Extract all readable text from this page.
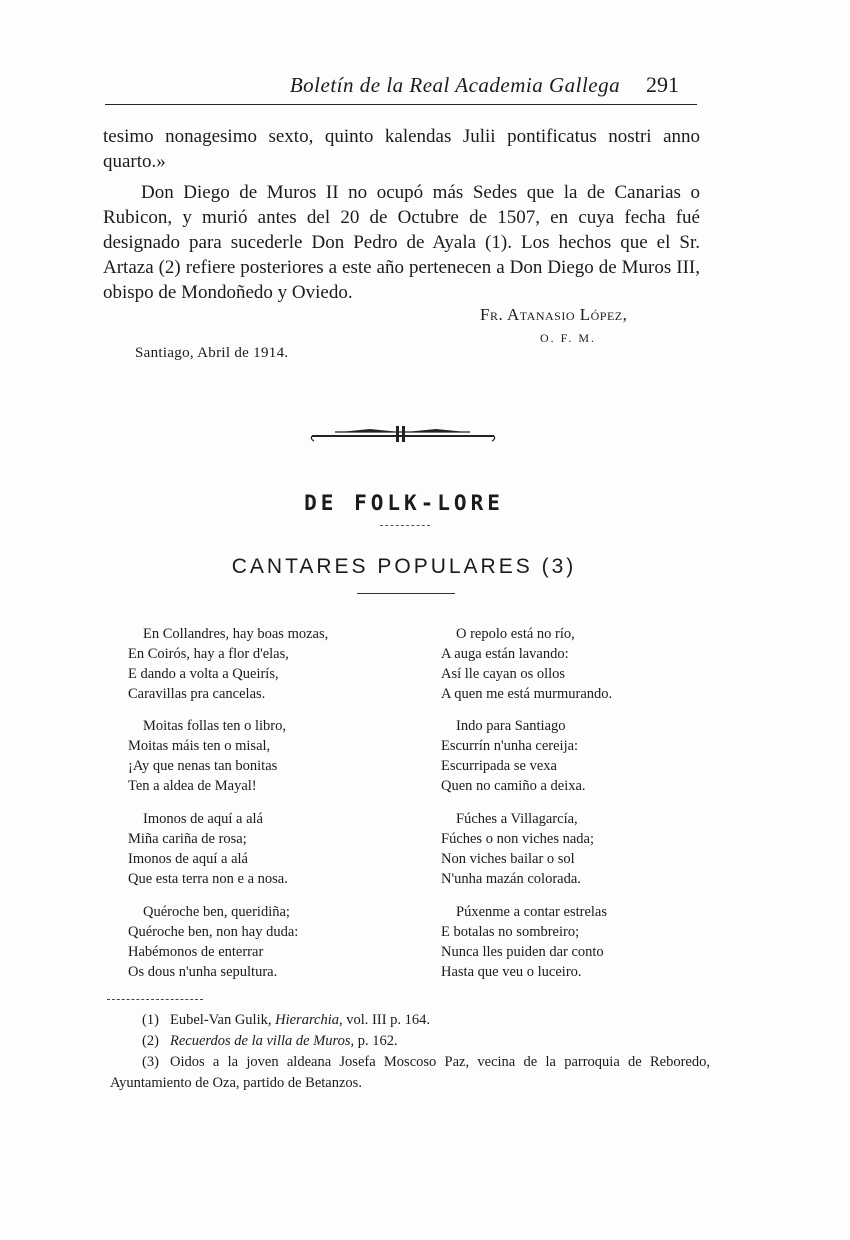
Boletín de la Real Academia Gallega	291
tesimo nonagesimo sexto, quinto kalendas Julii pontificatus nostri anno quarto.»
Don Diego de Muros II no ocupó más Sedes que la de Canarias o Rubicon, y murió antes del 20 de Octubre de 1507, en cuya fecha fué designado para sucederle Don Pedro de Ayala (1). Los hechos que el Sr. Artaza (2) refiere posteriores a este año pertenecen a Don Diego de Muros III, obispo de Mondoñedo y Oviedo.
Fr. Atanasio López,
O. F. M.
Santiago, Abril de 1914.
DE FOLK-LORE
CANTARES POPULARES (3)
En Collandres, hay boas mozas,
En Coirós, hay a flor d'elas,
E dando a volta a Queirís,
Caravillas pra cancelas.
Moitas follas ten o libro,
Moitas máis ten o misal,
¡Ay que nenas tan bonitas
Ten a aldea de Mayal!
Imonos de aquí a alá
Miña cariña de rosa;
Imonos de aquí a alá
Que esta terra non e a nosa.
Quéroche ben, queridiña;
Quéroche ben, non hay duda:
Habémonos de enterrar
Os dous n'unha sepultura.
O repolo está no río,
A auga están lavando:
Así lle cayan os ollos
A quen me está murmurando.
Indo para Santiago
Escurrín n'unha cereija:
Escurripada se vexa
Quen no camiño a deixa.
Fúches a Villagarcía,
Fúches o non viches nada;
Non viches bailar o sol
N'unha mazán colorada.
Púxenme a contar estrelas
E botalas no sombreiro;
Nunca lles puiden dar conto
Hasta que veu o luceiro.
(1) Eubel-Van Gulik, Hierarchia, vol. III p. 164.
(2) Recuerdos de la villa de Muros, p. 162.
(3) Oidos a la joven aldeana Josefa Moscoso Paz, vecina de la parroquia de Reboredo, Ayuntamiento de Oza, partido de Betanzos.
